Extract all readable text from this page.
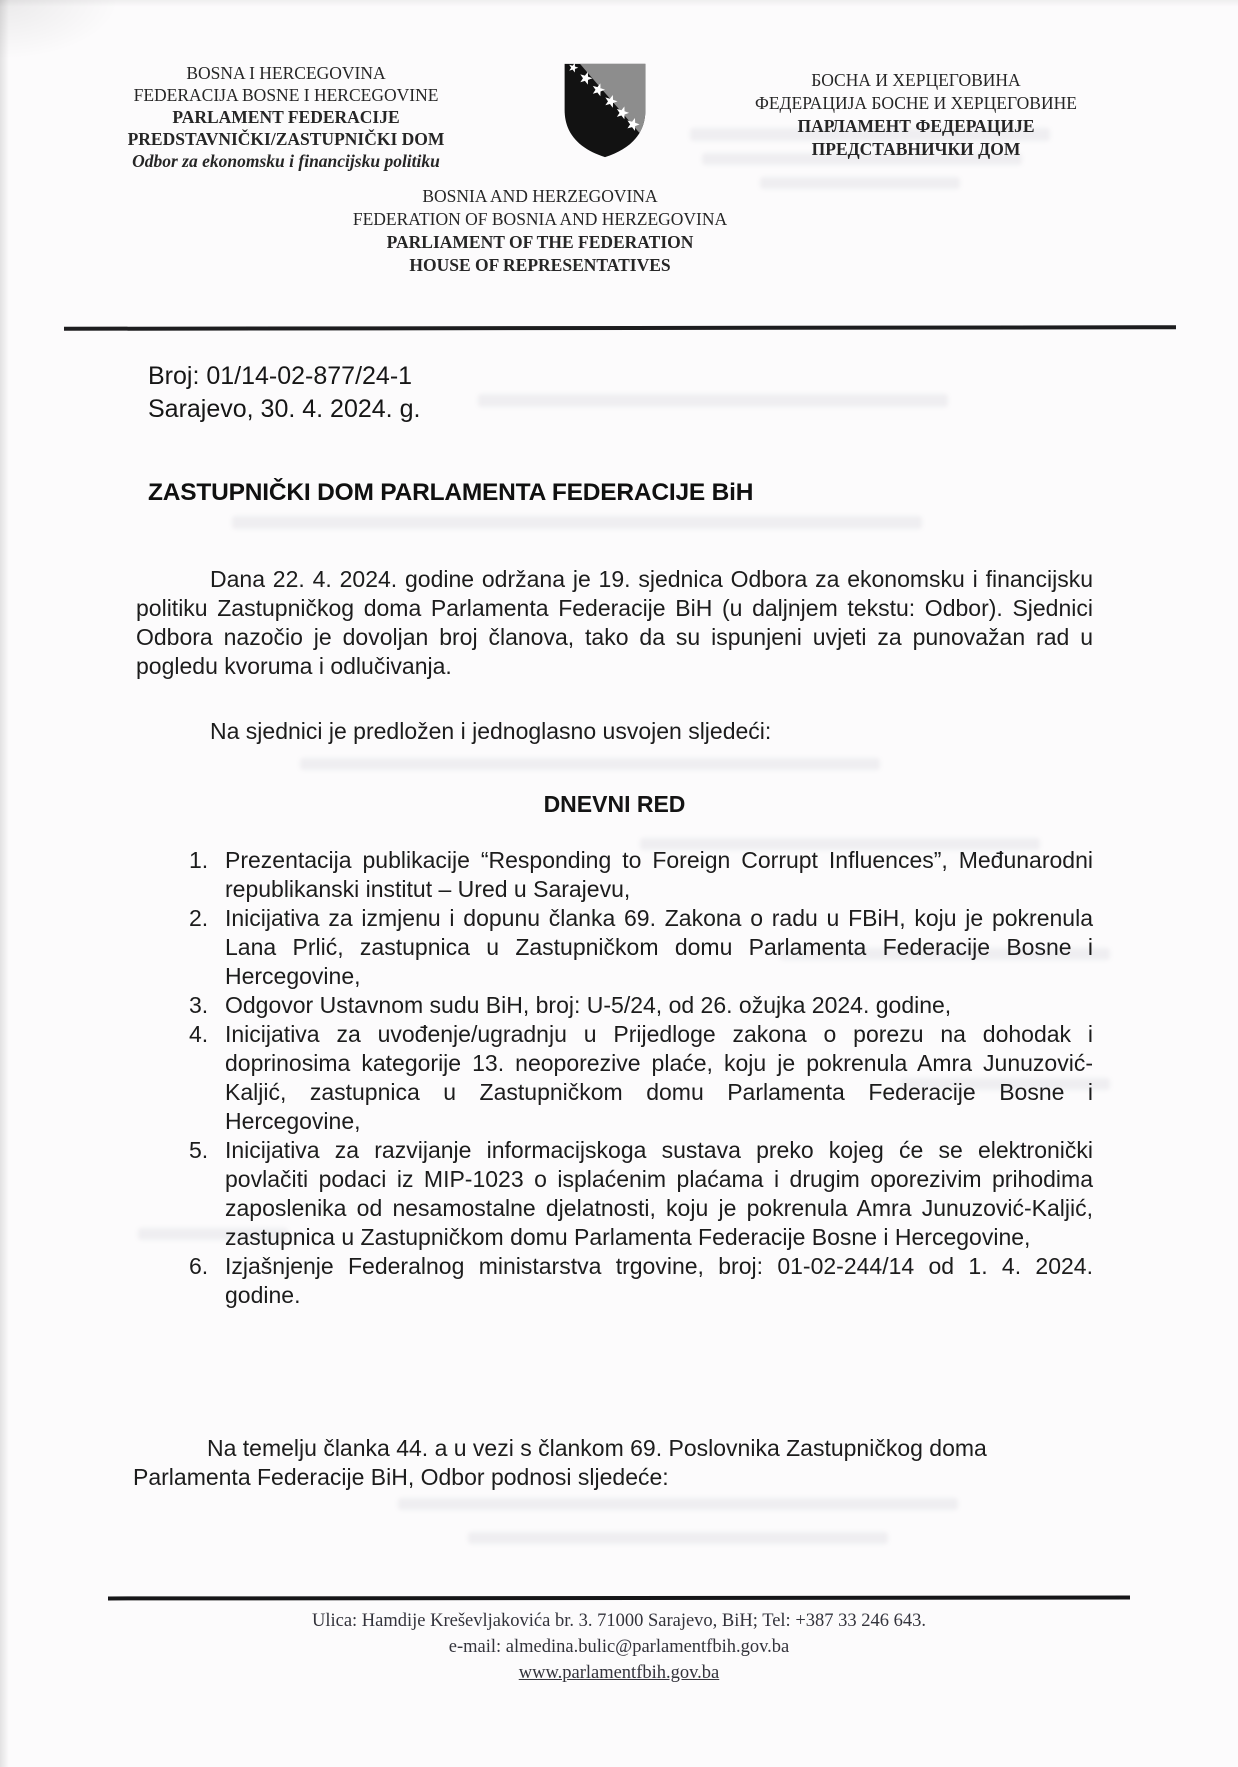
BOSNA I HERCEGOVINA
FEDERACIJA BOSNE I HERCEGOVINE
PARLAMENT FEDERACIJE
PREDSTAVNIČKI/ZASTUPNIČKI DOM
Odbor za ekonomsku i financijsku politiku
БОСНА И ХЕРЦЕГОВИНА
ФЕДЕРАЦИЈА БОСНЕ И ХЕРЦЕГОВИНЕ
ПАРЛАМЕНТ ФЕДЕРАЦИЈЕ
ПРЕДСТАВНИЧКИ ДОМ
BOSNIA AND HERZEGOVINA
FEDERATION OF BOSNIA AND HERZEGOVINA
PARLIAMENT OF THE FEDERATION
HOUSE OF REPRESENTATIVES
Broj: 01/14-02-877/24-1
Sarajevo, 30. 4. 2024. g.
ZASTUPNIČKI DOM PARLAMENTA FEDERACIJE BiH
Dana 22. 4. 2024. godine održana je 19. sjednica Odbora za ekonomsku i financijsku politiku Zastupničkog doma Parlamenta Federacije BiH (u daljnjem tekstu: Odbor). Sjednici Odbora nazočio je dovoljan broj članova, tako da su ispunjeni uvjeti za punovažan rad u pogledu kvoruma i odlučivanja.
Na sjednici je predložen i jednoglasno usvojen sljedeći:
DNEVNI RED
1. Prezentacija publikacije “Responding to Foreign Corrupt Influences”, Međunarodni republikanski institut – Ured u Sarajevu,
2. Inicijativa za izmjenu i dopunu članka 69. Zakona o radu u FBiH, koju je pokrenula Lana Prlić, zastupnica u Zastupničkom domu Parlamenta Federacije Bosne i Hercegovine,
3. Odgovor Ustavnom sudu BiH, broj: U-5/24, od 26. ožujka 2024. godine,
4. Inicijativa za uvođenje/ugradnju u Prijedloge zakona o porezu na dohodak i doprinosima kategorije 13. neoporezive plaće, koju je pokrenula Amra Junuzović-Kaljić, zastupnica u Zastupničkom domu Parlamenta Federacije Bosne i Hercegovine,
5. Inicijativa za razvijanje informacijskoga sustava preko kojeg će se elektronički povlačiti podaci iz MIP-1023 o isplaćenim plaćama i drugim oporezivim prihodima zaposlenika od nesamostalne djelatnosti, koju je pokrenula Amra Junuzović-Kaljić, zastupnica u Zastupničkom domu Parlamenta Federacije Bosne i Hercegovine,
6. Izjašnjenje Federalnog ministarstva trgovine, broj: 01-02-244/14 od 1. 4. 2024. godine.
Na temelju članka 44. a u vezi s člankom 69. Poslovnika Zastupničkog doma Parlamenta Federacije BiH, Odbor podnosi sljedeće:
Ulica: Hamdije Kreševljakovića br. 3. 71000 Sarajevo, BiH; Tel: +387 33 246 643.
e-mail: almedina.bulic@parlamentfbih.gov.ba
www.parlamentfbih.gov.ba
